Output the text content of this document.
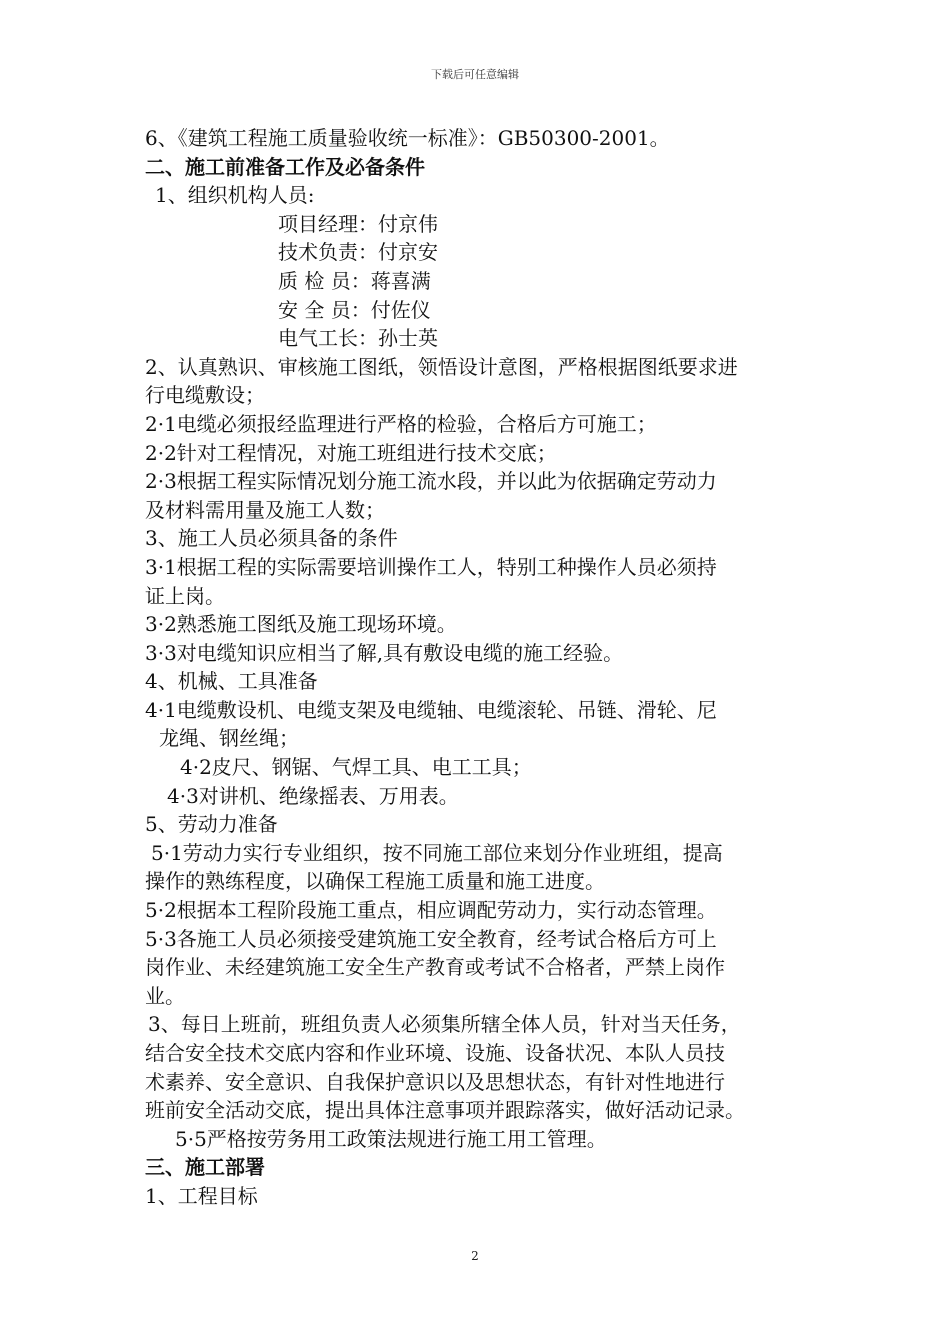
下载后可任意编辑
6、《建筑工程施工质量验收统一标准》：GB50300-2001。
二、施工前准备工作及必备条件
1、组织机构人员:
项目经理：付京伟
技术负责：付京安
质 检 员：蒋喜满
安 全 员：付佐仪
电气工长：孙士英
2、认真熟识、审核施工图纸，领悟设计意图，严格根据图纸要求进
行电缆敷设；
2·1电缆必须报经监理进行严格的检验，合格后方可施工；
2·2针对工程情况，对施工班组进行技术交底；
2·3根据工程实际情况划分施工流水段，并以此为依据确定劳动力
及材料需用量及施工人数；
3、施工人员必须具备的条件
3·1根据工程的实际需要培训操作工人，特别工种操作人员必须持
证上岗。
3·2熟悉施工图纸及施工现场环境。
3·3对电缆知识应相当了解,具有敷设电缆的施工经验。
4、机械、工具准备
4·1电缆敷设机、电缆支架及电缆轴、电缆滚轮、吊链、滑轮、尼
龙绳、钢丝绳；
4·2皮尺、钢锯、气焊工具、电工工具；
4·3对讲机、绝缘摇表、万用表。
5、劳动力准备
5·1劳动力实行专业组织，按不同施工部位来划分作业班组，提高
操作的熟练程度，以确保工程施工质量和施工进度。
5·2根据本工程阶段施工重点，相应调配劳动力，实行动态管理。
5·3各施工人员必须接受建筑施工安全教育，经考试合格后方可上
岗作业、未经建筑施工安全生产教育或考试不合格者，严禁上岗作
业。
3、每日上班前，班组负责人必须集所辖全体人员，针对当天任务，
结合安全技术交底内容和作业环境、设施、设备状况、本队人员技
术素养、安全意识、自我保护意识以及思想状态，有针对性地进行
班前安全活动交底，提出具体注意事项并跟踪落实，做好活动记录。
5·5严格按劳务用工政策法规进行施工用工管理。
三、施工部署
1、工程目标
2
